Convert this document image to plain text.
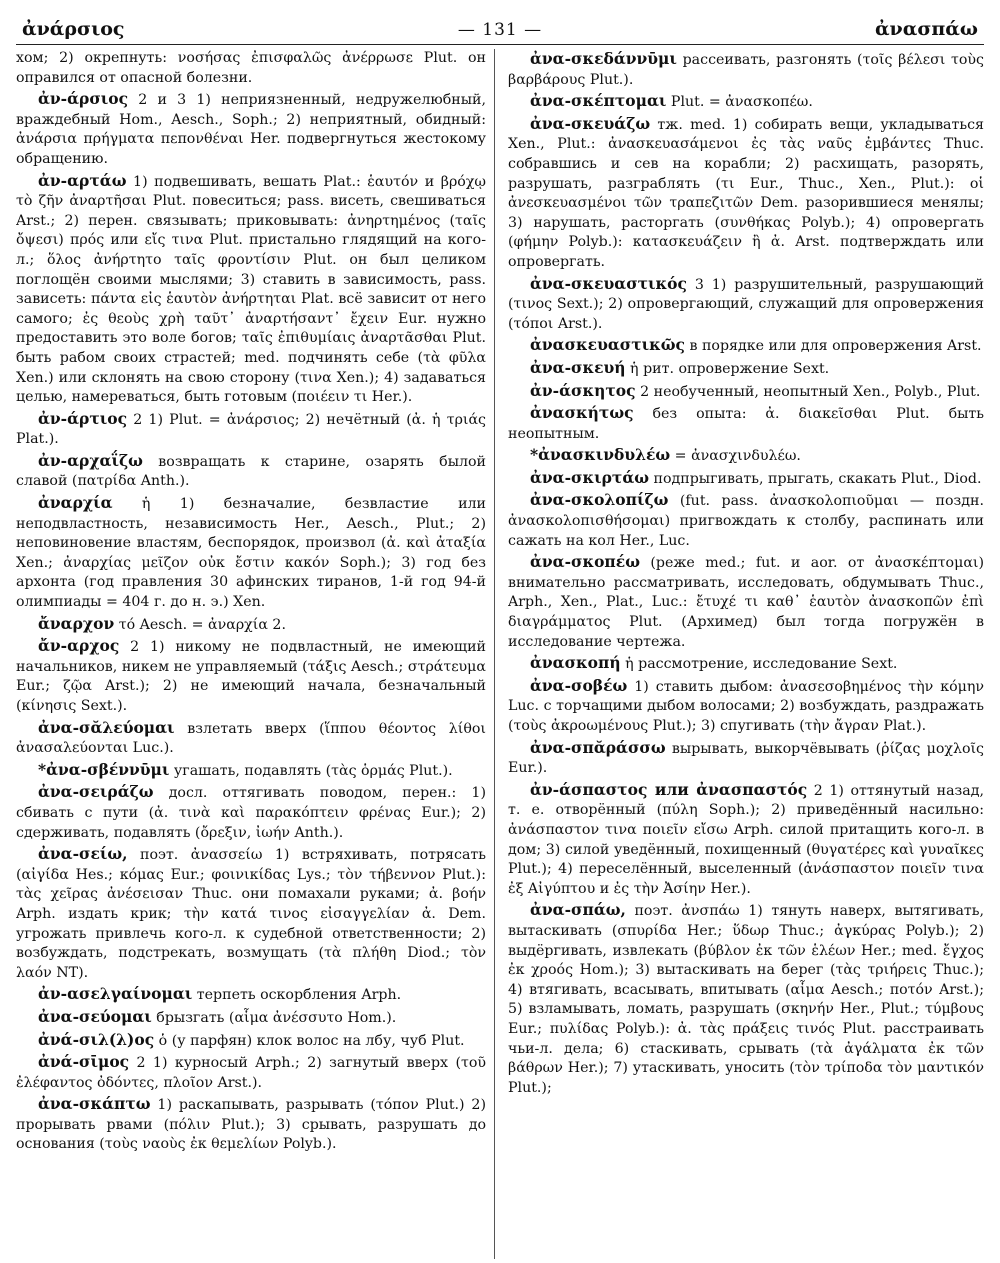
ἀνάρσιος	— 131 —	ἀνασπάω

хом; 2) окрепнуть: νοσήσας ἐπισφαλῶς ἀνέρρωσε Plut. он оправился от опасной болезни.

ἀν-άρσιος 2 и 3 1) неприязненный, недружелюбный, враждебный Hom., Aesch., Soph.; 2) неприятный, обидный: ἀνάρσια πρήγματα πεπονθέναι Her. подвергнуться жестокому обращению.

ἀν-αρτάω 1) подвешивать, вешать Plat.: ἑαυτόν и βρόχῳ τὸ ζῆν ἀναρτῆσαι Plut. повеситься; pass. висеть, свешиваться Arst.; 2) перен. связывать; приковывать: ἀνηρτημένος (ταῖς ὄψεσι) πρός или εἴς τινα Plut. пристально глядящий на кого-л.; ὅλος ἀνήρτητο ταῖς φροντίσιν Plut. он был целиком поглощён своими мыслями; 3) ставить в зависимость, pass. зависеть: πάντα εἰς ἑαυτὸν ἀνήρτηται Plat. всё зависит от него самого; ἐς θεοὺς χρὴ ταῦτ᾽ ἀναρτήσαντ᾽ ἔχειν Eur. нужно предоставить это воле богов; ταῖς ἐπιθυμίαις ἀναρτᾶσθαι Plut. быть рабом своих страстей; med. подчинять себе (τὰ φῦλα Xen.) или склонять на свою сторону (τινα Xen.); 4) задаваться целью, намереваться, быть готовым (ποιέειν τι Her.).

ἀν-άρτιος 2 1) Plut. = ἀνάρσιος; 2) нечётный (ἀ. ἡ τριάς Plat.).

ἀν-αρχαΐζω возвращать к старине, озарять былой славой (πατρίδα Anth.).

ἀναρχία ἡ 1) безначалие, безвластие или неподвластность, независимость Her., Aesch., Plut.; 2) неповиновение властям, беспорядок, произвол (ἀ. καὶ ἀταξία Xen.; ἀναρχίας μεῖζον οὐκ ἔστιν κακόν Soph.); 3) год без архонта (год правления 30 афинских тиранов, 1-й год 94-й олимпиады = 404 г. до н. э.) Xen.

ἄναρχον τό Aesch. = ἀναρχία 2.

ἄν-αρχος 2 1) никому не подвластный, не имеющий начальников, никем не управляемый (τάξις Aesch.; στράτευμα Eur.; ζῷα Arst.); 2) не имеющий начала, безначальный (κίνησις Sext.).

ἀνα-σᾰλεύομαι взлетать вверх (ἵππου θέοντος λίθοι ἀνασαλεύονται Luc.).

*ἀνα-σβέννῡμι угашать, подавлять (τὰς ὁρμάς Plut.).

ἀνα-σειράζω досл. оттягивать поводом, перен.: 1) сбивать с пути (ἀ. τινὰ καὶ παρακόπτειν φρένας Eur.); 2) сдерживать, подавлять (ὄρεξιν, ἰωήν Anth.).

ἀνα-σείω, поэт. ἀνασσείω 1) встряхивать, потрясать (αἰγίδα Hes.; κόμας Eur.; φοινικίδας Lys.; τὸν τήβεννον Plut.): τὰς χεῖρας ἀνέσεισαν Thuc. они помахали руками; ἀ. βοήν Arph. издать крик; τὴν κατά τινος εἰσαγγελίαν ἀ. Dem. угрожать привлечь кого-л. к судебной ответственности; 2) возбуждать, подстрекать, возмущать (τὰ πλήθη Diod.; τὸν λαόν NT).

ἀν-ασελγαίνομαι терпеть оскорбления Arph.

ἀνα-σεύομαι брызгать (αἷμα ἀνέσσυτο Hom.).

ἀνά-σιλ(λ)ος ὁ (у парфян) клок волос на лбу, чуб Plut.

ἀνά-σῑμος 2 1) курносый Arph.; 2) загнутый вверх (τοῦ ἐλέφαντος ὀδόντες, πλοῖον Arst.).

ἀνα-σκάπτω 1) раскапывать, разрывать (τόπον Plut.) 2) прорывать рвами (πόλιν Plut.); 3) срывать, разрушать до основания (τοὺς ναοὺς ἐκ θεμελίων Polyb.).

ἀνα-σκεδάννῡμι рассеивать, разгонять (τοῖς βέλεσι τοὺς βαρβάρους Plut.).

ἀνα-σκέπτομαι Plut. = ἀνασκοπέω.

ἀνα-σκευάζω тж. med. 1) собирать вещи, укладываться Xen., Plut.: ἀνασκευασάμενοι ἐς τὰς ναῦς ἐμβάντες Thuc. собравшись и сев на корабли; 2) расхищать, разорять, разрушать, разграблять (τι Eur., Thuc., Xen., Plut.): οἱ ἀνεσκευασμένοι τῶν τραπεζιτῶν Dem. разорившиеся менялы; 3) нарушать, расторгать (συνθήκας Polyb.); 4) опровергать (φήμην Polyb.): κατασκευάζειν ἢ ἀ. Arst. подтверждать или опровергать.

ἀνα-σκευαστικός 3 1) разрушительный, разрушающий (τινος Sext.); 2) опровергающий, служащий для опровержения (τόποι Arst.).

ἀνασκευαστικῶς в порядке или для опровержения Arst.

ἀνα-σκευή ἡ рит. опровержение Sext.

ἀν-άσκητος 2 необученный, неопытный Xen., Polyb., Plut.

ἀνασκήτως без опыта: ἀ. διακεῖσθαι Plut. быть неопытным.

*ἀνασκινδυλέω = ἀνασχινδυλέω.

ἀνα-σκιρτάω подпрыгивать, прыгать, скакать Plut., Diod.

ἀνα-σκολοπίζω (fut. pass. ἀνασκολοπιοῦμαι — поздн. ἀνασκολοπισθήσομαι) пригвождать к столбу, распинать или сажать на кол Her., Luc.

ἀνα-σκοπέω (реже med.; fut. и aor. от ἀνασκέπτομαι) внимательно рассматривать, исследовать, обдумывать Thuc., Arph., Xen., Plat., Luc.: ἔτυχέ τι καθ᾽ ἑαυτὸν ἀνασκοπῶν ἐπὶ διαγράμματος Plut. (Архимед) был тогда погружён в исследование чертежа.

ἀνασκοπή ἡ рассмотрение, исследование Sext.

ἀνα-σοβέω 1) ставить дыбом: ἀνασεσοβημένος τὴν κόμην Luc. с торчащими дыбом волосами; 2) возбуждать, раздражать (τοὺς ἀκροωμένους Plut.); 3) спугивать (τὴν ἄγραν Plat.).

ἀνα-σπᾰράσσω вырывать, выкорчёвывать (ῥίζας μοχλοῖς Eur.).

ἀν-άσπαστος или ἀνασπαστός 2 1) оттянутый назад, т. е. отворённый (πύλη Soph.); 2) приведённый насильно: ἀνάσπαστον τινα ποιεῖν εἴσω Arph. силой притащить кого-л. в дом; 3) силой уведённый, похищенный (θυγατέρες καὶ γυναῖκες Plut.); 4) переселённый, выселенный (ἀνάσπαστον ποιεῖν τινα ἐξ Αἰγύπτου и ἐς τὴν Ἀσίην Her.).

ἀνα-σπάω, поэт. ἀνσπάω 1) тянуть наверх, вытягивать, вытаскивать (σπυρίδα Her.; ὕδωρ Thuc.; ἀγκύρας Polyb.); 2) выдёргивать, извлекать (βύβλον ἐκ τῶν ἑλέων Her.; med. ἔγχος ἐκ χροός Hom.); 3) вытаскивать на берег (τὰς τριήρεις Thuc.); 4) втягивать, всасывать, впитывать (αἷμα Aesch.; ποτόν Arst.); 5) взламывать, ломать, разрушать (σκηνήν Her., Plut.; τύμβους Eur.; πυλίδας Polyb.): ἀ. τὰς πράξεις τινός Plut. расстраивать чьи-л. дела; 6) стаскивать, срывать (τὰ ἀγάλματα ἐκ τῶν βάθρων Her.); 7) утаскивать, уносить (τὸν τρίποδα τὸν μαντικόν Plut.);
